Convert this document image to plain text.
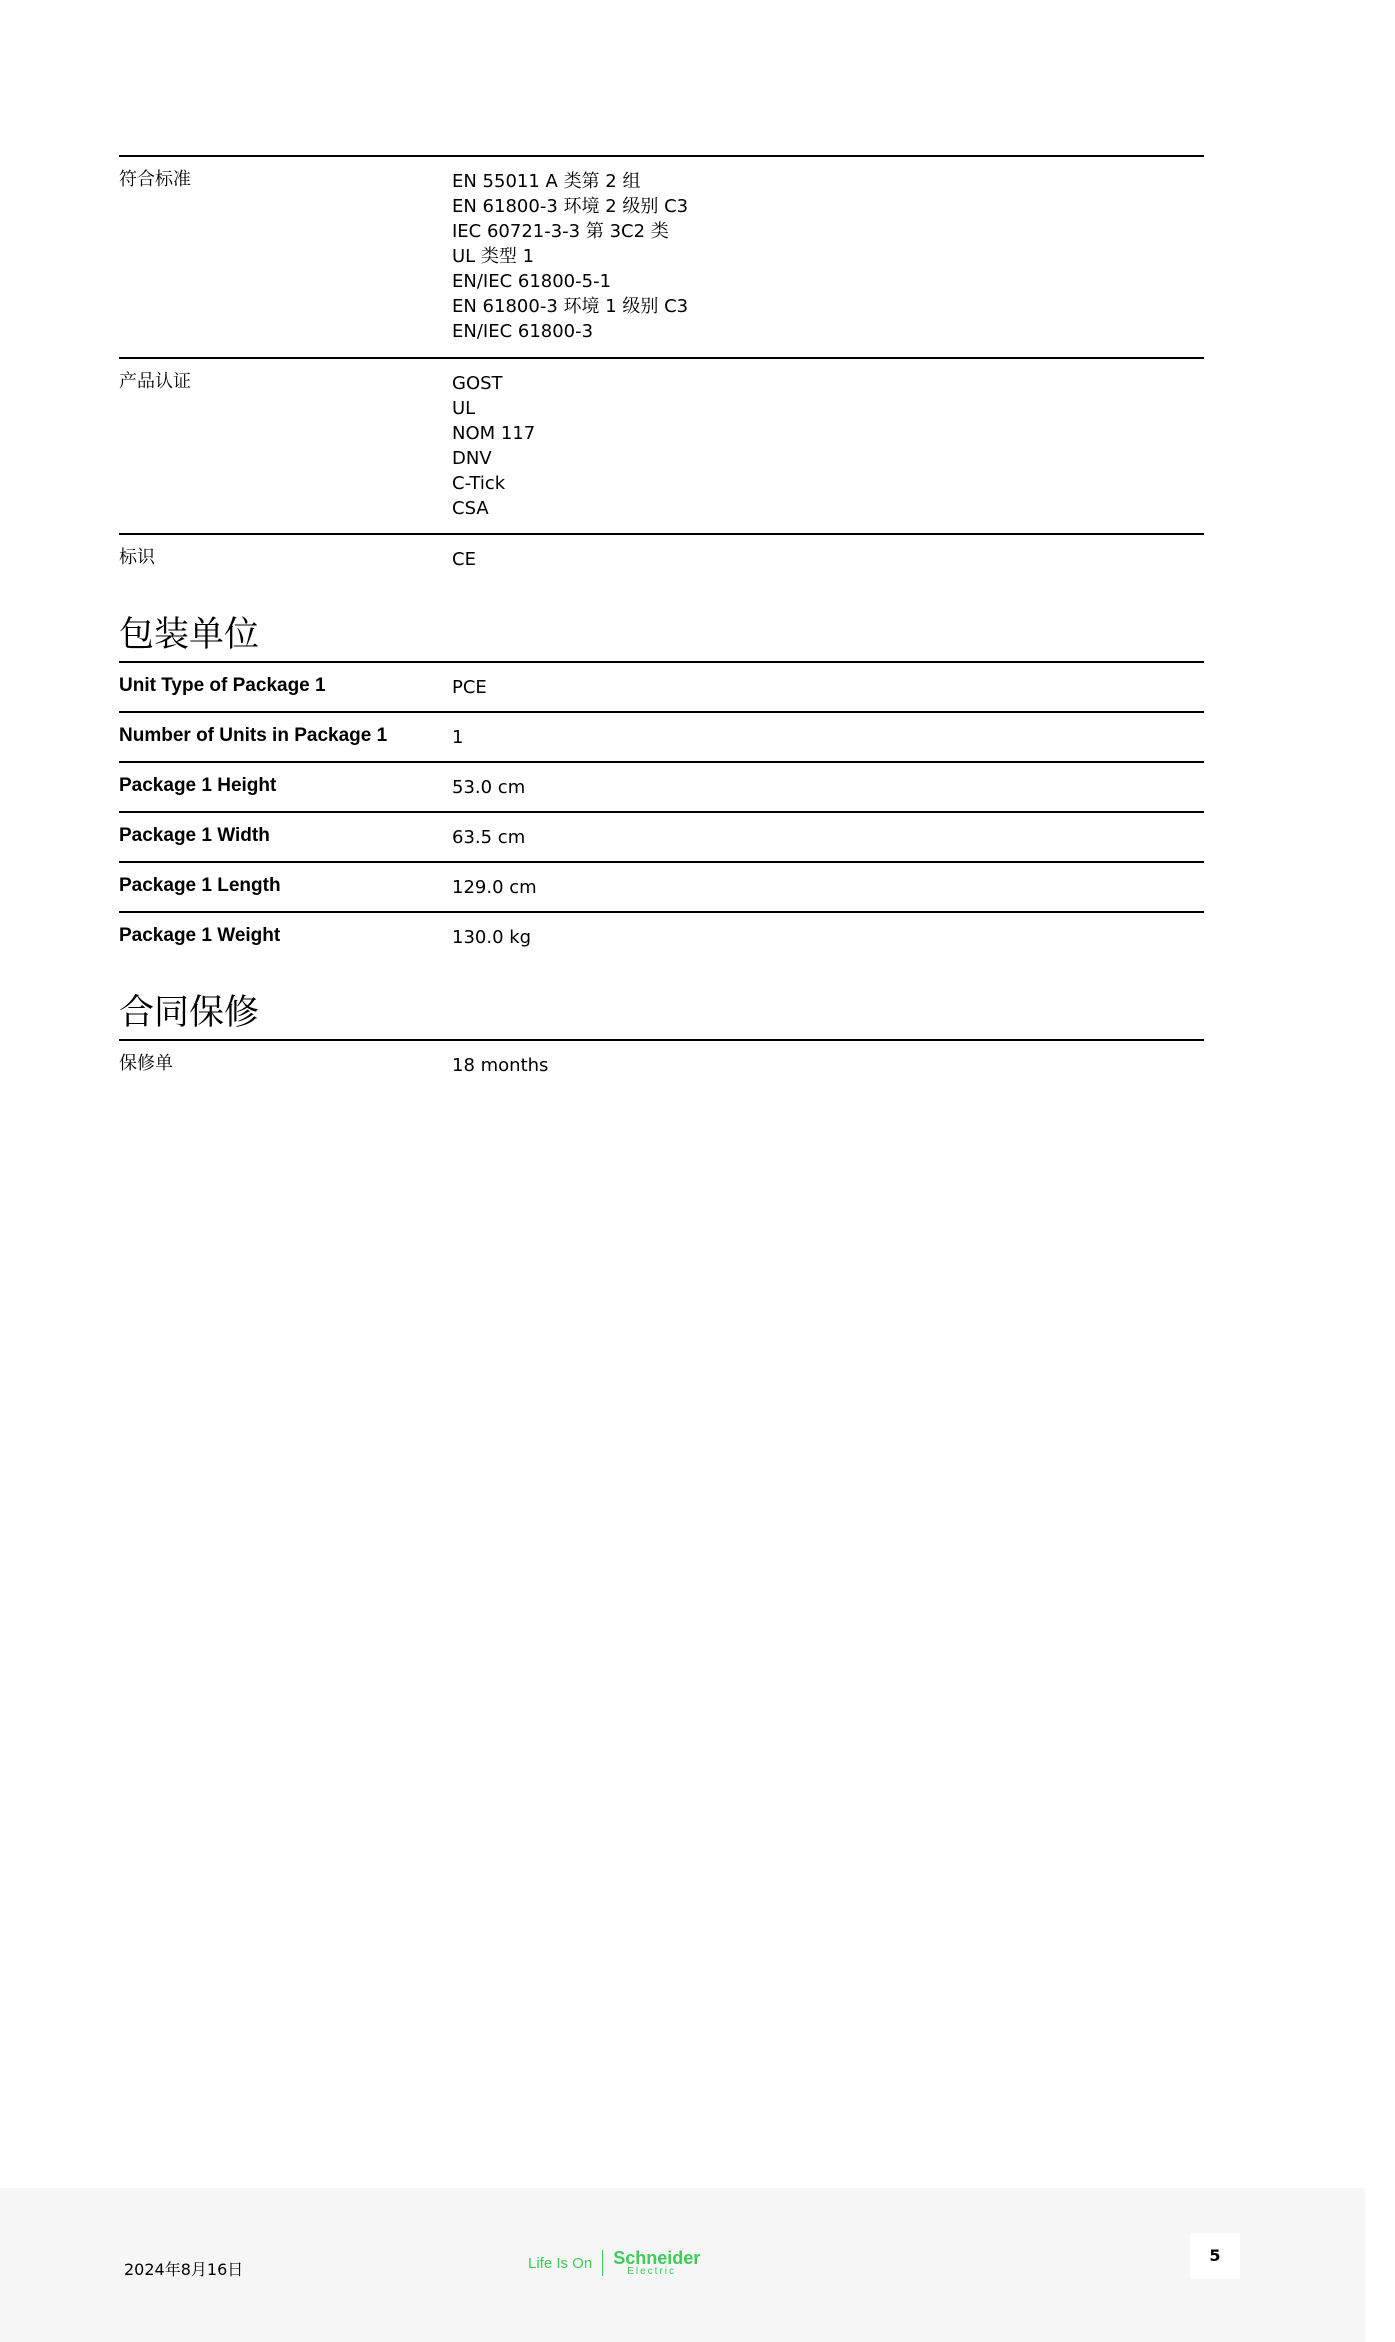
符合标准	EN 55011 A 类第 2 组
EN 61800-3 环境 2 级别 C3
IEC 60721-3-3 第 3C2 类
UL 类型 1
EN/IEC 61800-5-1
EN 61800-3 环境 1 级别 C3
EN/IEC 61800-3
产品认证	GOST
UL
NOM 117
DNV
C-Tick
CSA
标识	CE
包装单位
Unit Type of Package 1	PCE
Number of Units in Package 1	1
Package 1 Height	53.0 cm
Package 1 Width	63.5 cm
Package 1 Length	129.0 cm
Package 1 Weight	130.0 kg
合同保修
保修单	18 months
2024年8月16日	Life Is On Schneider
Electric
5
